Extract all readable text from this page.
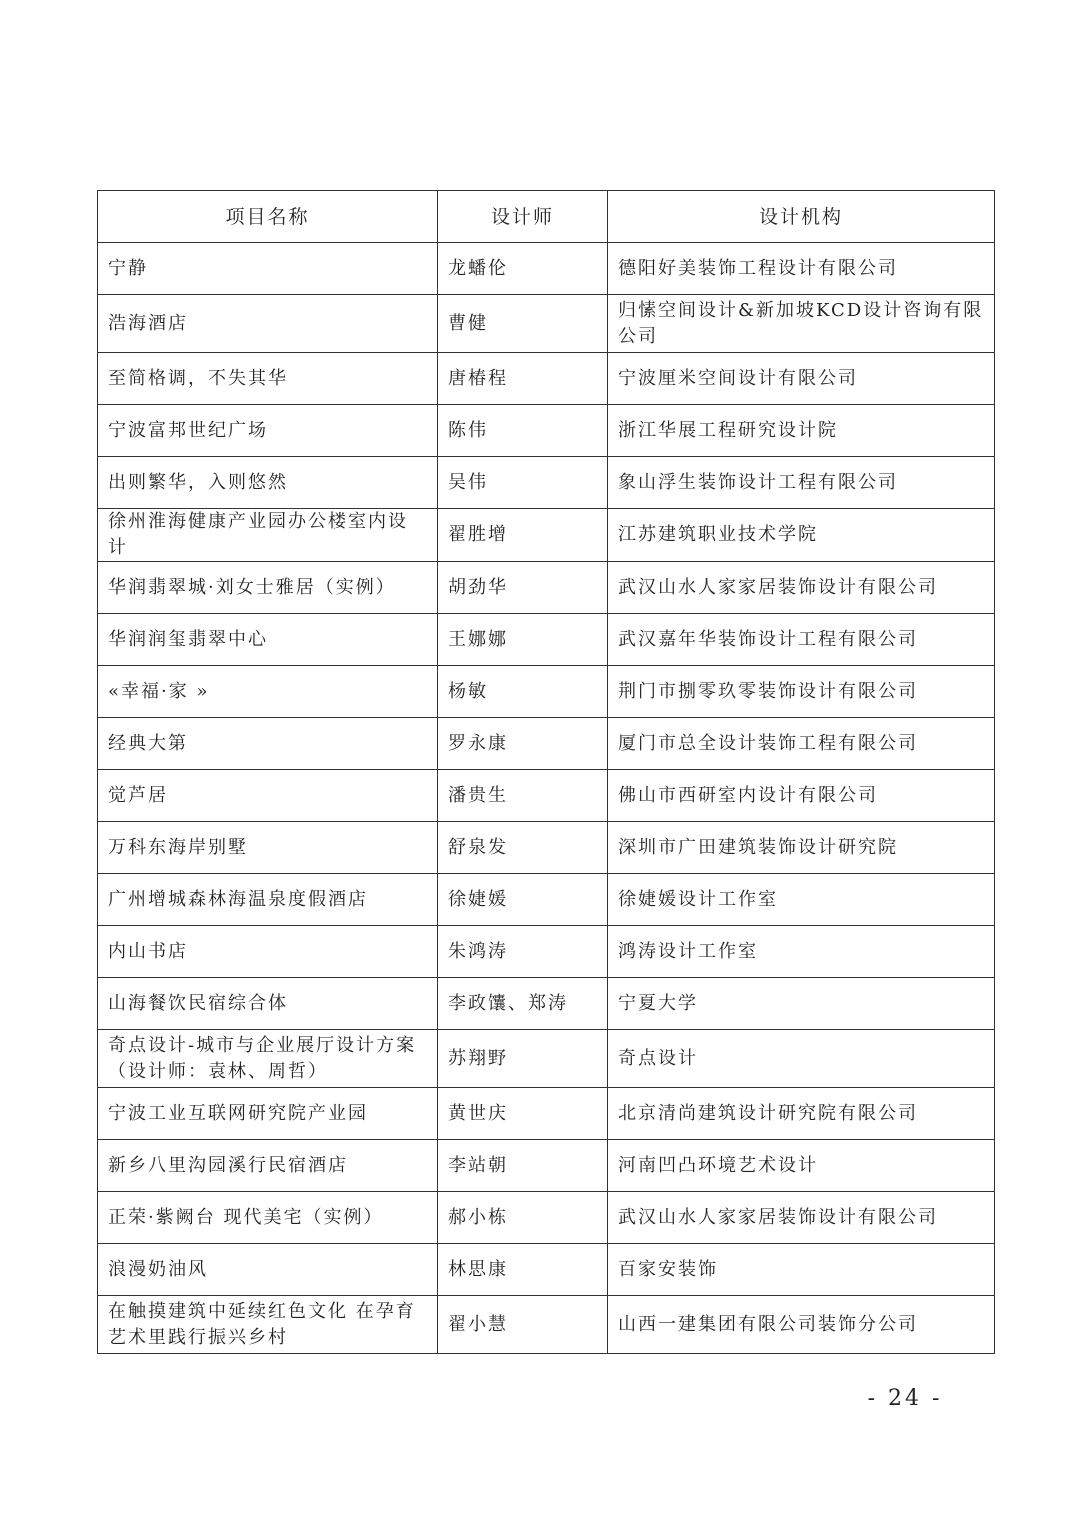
项目名称	设计师	设计机构
宁静	龙蟠伦	德阳好美装饰工程设计有限公司
浩海酒店	曹健	归愫空间设计&新加坡KCD设计咨询有限公司
至简格调，不失其华	唐椿程	宁波厘米空间设计有限公司
宁波富邦世纪广场	陈伟	浙江华展工程研究设计院
出则繁华，入则悠然	吴伟	象山浮生装饰设计工程有限公司
徐州淮海健康产业园办公楼室内设计	翟胜增	江苏建筑职业技术学院
华润翡翠城·刘女士雅居（实例）	胡劲华	武汉山水人家家居装饰设计有限公司
华润润玺翡翠中心	王娜娜	武汉嘉年华装饰设计工程有限公司
«幸福·家 »	杨敏	荆门市捌零玖零装饰设计有限公司
经典大第	罗永康	厦门市总全设计装饰工程有限公司
觉芦居	潘贵生	佛山市西研室内设计有限公司
万科东海岸别墅	舒泉发	深圳市广田建筑装饰设计研究院
广州增城森林海温泉度假酒店	徐婕媛	徐婕媛设计工作室
内山书店	朱鸿涛	鸿涛设计工作室
山海餐饮民宿综合体	李政馕、郑涛	宁夏大学
奇点设计-城市与企业展厅设计方案（设计师：袁林、周哲）	苏翔野	奇点设计
宁波工业互联网研究院产业园	黄世庆	北京清尚建筑设计研究院有限公司
新乡八里沟园溪行民宿酒店	李站朝	河南凹凸环境艺术设计
正荣·紫阙台 现代美宅（实例）	郝小栋	武汉山水人家家居装饰设计有限公司
浪漫奶油风	林思康	百家安装饰
在触摸建筑中延续红色文化 在孕育艺术里践行振兴乡村	翟小慧	山西一建集团有限公司装饰分公司
- 24 -
